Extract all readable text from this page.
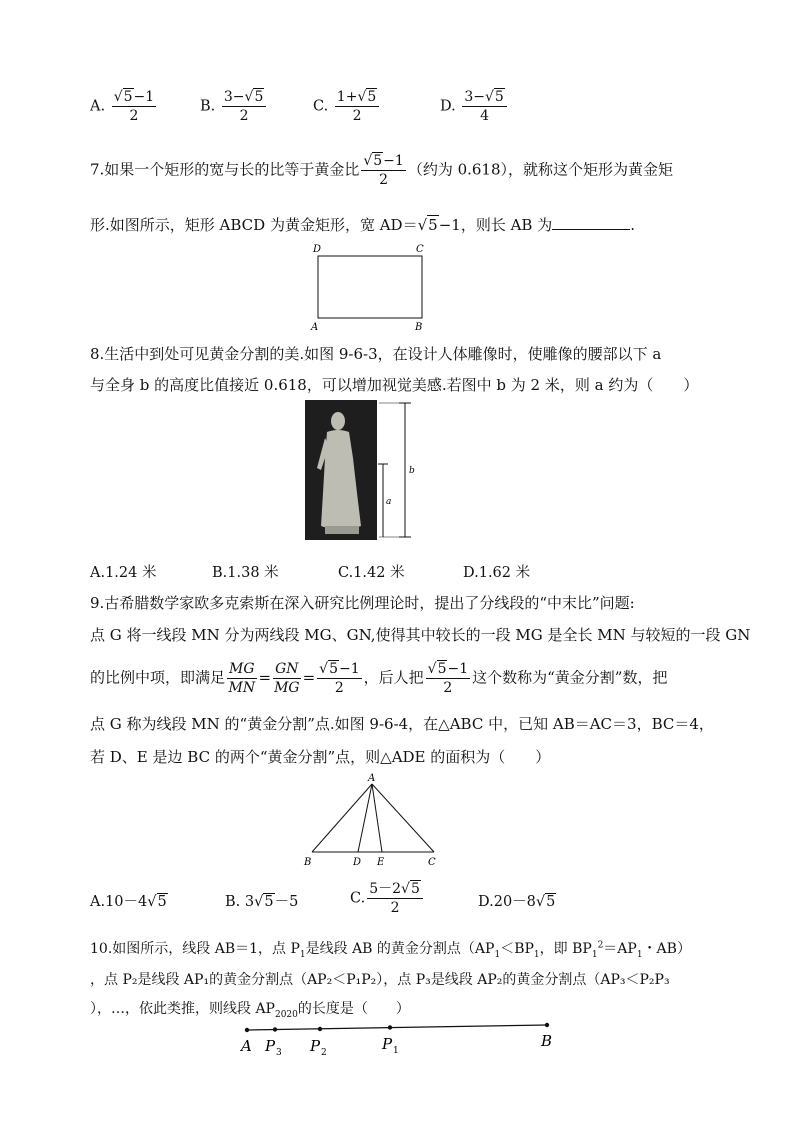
A. $\frac{√5-1}{2}$	B. $\frac{3-√5}{2}$	C. $\frac{1+√5}{2}$	D. $\frac{3-√5}{4}$
7.如果一个矩形的宽与长的比等于黄金比 $\frac{√5-1}{2}$ （约为 0.618），就称这个矩形为黄金矩
形.如图所示，矩形 ABCD 为黄金矩形，宽 AD＝√5−1，则长 AB 为	.
D	C
A	B
8.生活中到处可见黄金分割的美.如图 9-6-3，在设计人体雕像时，使雕像的腰部以下 a
与全身 b 的高度比值接近 0.618，可以增加视觉美感.若图中 b 为 2 米，则 a 约为（　　）
b
a
A.1.24 米	B.1.38 米	C.1.42 米	D.1.62 米
9.古希腊数学家欧多克索斯在深入研究比例理论时，提出了分线段的“中末比”问题:
点 G 将一线段 MN 分为两线段 MG、GN,使得其中较长的一段 MG 是全长 MN 与较短的一段 GN
的比例中项，即满足 $\frac{MG}{MN} = \frac{GN}{MG} = \frac{√5-1}{2}$ ，后人把 $\frac{√5-1}{2}$ 这个数称为“黄金分割”数，把
点 G 称为线段 MN 的“黄金分割”点.如图 9-6-4，在△ABC 中，已知 AB＝AC＝3，BC＝4，
若 D、E 是边 BC 的两个“黄金分割”点，则△ADE 的面积为（　　）
A
B	D E	C
A.10－4√5	B. 3√5－5	C. $\frac{5-2√5}{2}$	D.20－8√5
10.如图所示，线段 AB＝1，点 $P_1$是线段 AB 的黄金分割点（$AP_1<BP_1$，即 $BP_1^2=AP_1$・AB）
，点 P₂是线段 AP₁的黄金分割点（AP₂＜P₁P₂），点 P₃是线段 AP₂的黄金分割点（AP₃＜P₂P₃
），…，依此类推，则线段 $AP_{2020}$的长度是（　　）
A P 3 P 2	P 1
B
